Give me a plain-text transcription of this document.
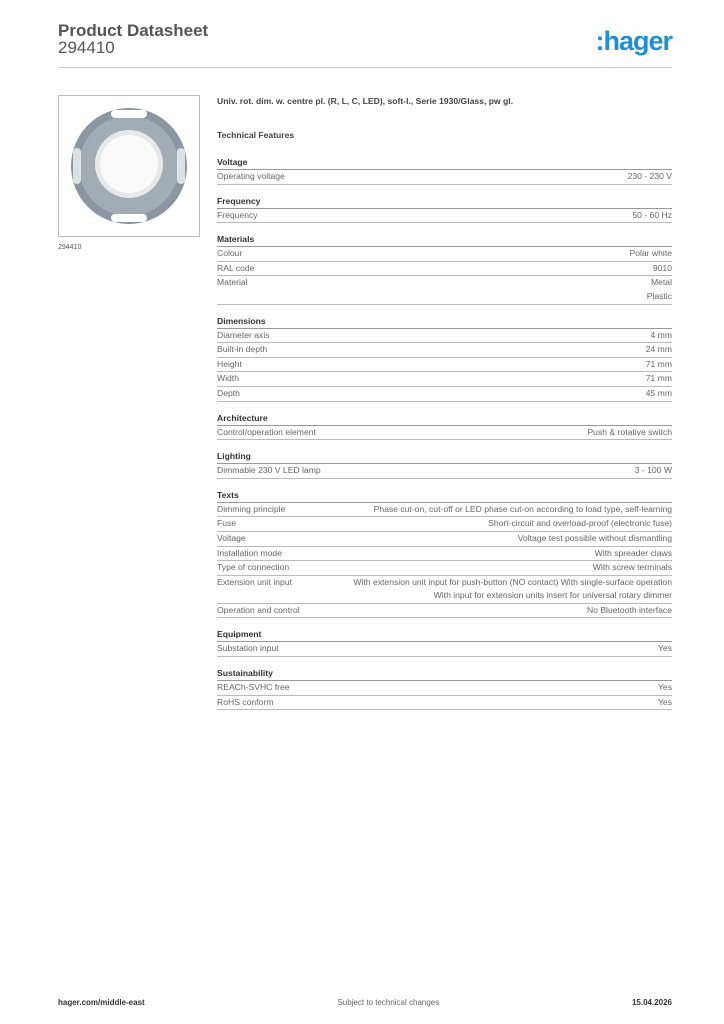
Product Datasheet
294410	:hager
294410
Univ. rot. dim. w. centre pl. (R, L, C, LED), soft-l., Serie 1930/Glass, pw gl.
Technical Features
Voltage
Operating voltage	230 - 230 V
Frequency
Frequency	50 - 60 Hz
Materials
Colour	Polar white
RAL code	9010
Material	Metal
Plastic
Dimensions
Diameter axis	4 mm
Built-in depth	24 mm
Height	71 mm
Width	71 mm
Depth	45 mm
Architecture
Control/operation element	Push & rotative switch
Lighting
Dimmable 230 V LED lamp	3 - 100 W
Texts
Dimming principle	Phase cut-on, cut-off or LED phase cut-on according to load type, self-learning
Fuse	Short-circuit and overload-proof (electronic fuse)
Voltage	Voltage test possible without dismantling
Installation mode	With spreader claws
Type of connection	With screw terminals
Extension unit input	With extension unit input for push-button (NO contact) With single-surface operation
With input for extension units insert for universal rotary dimmer
Operation and control	No Bluetooth interface
Equipment
Substation input	Yes
Sustainability
REACh-SVHC free	Yes
RoHS conform	Yes
hager.com/middle-east	Subject to technical changes	15.04.2026
